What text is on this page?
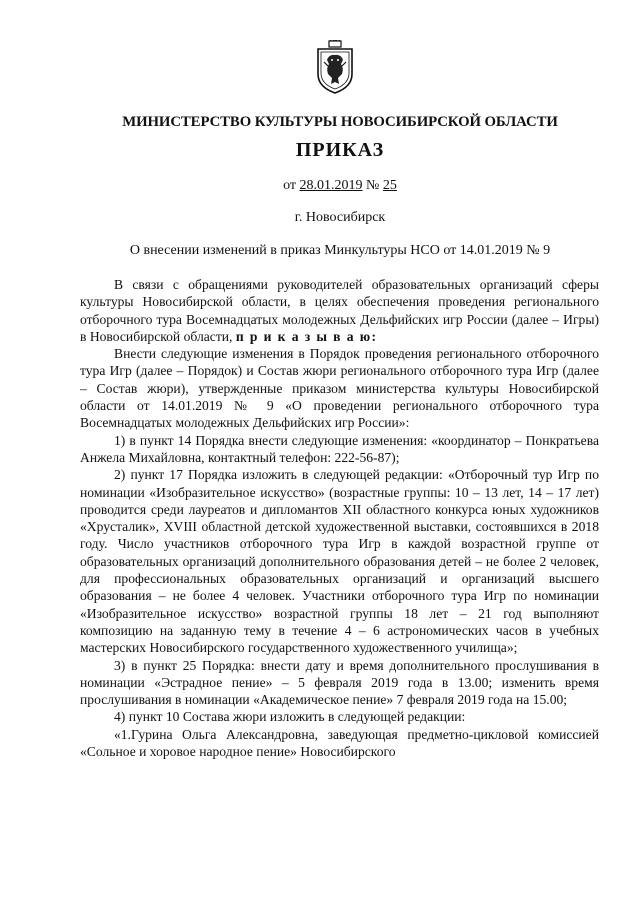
МИНИСТЕРСТВО КУЛЬТУРЫ НОВОСИБИРСКОЙ ОБЛАСТИ
ПРИКАЗ
от 28.01.2019 № 25
г. Новосибирск
О внесении изменений в приказ Минкультуры НСО от 14.01.2019 № 9

В связи с обращениями руководителей образовательных организаций сферы культуры Новосибирской области, в целях обеспечения проведения регионального отборочного тура Восемнадцатых молодежных Дельфийских игр России (далее – Игры) в Новосибирской области, п р и к а з ы в а ю:

Внести следующие изменения в Порядок проведения регионального отборочного тура Игр (далее – Порядок) и Состав жюри регионального отборочного тура Игр (далее – Состав жюри), утвержденные приказом министерства культуры Новосибирской области от 14.01.2019 № 9 «О проведении регионального отборочного тура Восемнадцатых молодежных Дельфийских игр России»:

1) в пункт 14 Порядка внести следующие изменения: «координатор – Понкратьева Анжела Михайловна, контактный телефон: 222-56-87);

2) пункт 17 Порядка изложить в следующей редакции: «Отборочный тур Игр по номинации «Изобразительное искусство» (возрастные группы: 10 – 13 лет, 14 – 17 лет) проводится среди лауреатов и дипломантов XII областного конкурса юных художников «Хрусталик», XVIII областной детской художественной выставки, состоявшихся в 2018 году. Число участников отборочного тура Игр в каждой возрастной группе от образовательных организаций дополнительного образования детей – не более 2 человек, для профессиональных образовательных организаций и организаций высшего образования – не более 4 человек. Участники отборочного тура Игр по номинации «Изобразительное искусство» возрастной группы 18 лет – 21 год выполняют композицию на заданную тему в течение 4 – 6 астрономических часов в учебных мастерских Новосибирского государственного художественного училища»;

3) в пункт 25 Порядка: внести дату и время дополнительного прослушивания в номинации «Эстрадное пение» – 5 февраля 2019 года в 13.00; изменить время прослушивания в номинации «Академическое пение» 7 февраля 2019 года на 15.00;

4) пункт 10 Состава жюри изложить в следующей редакции:

«1.Гурина Ольга Александровна, заведующая предметно-цикловой комиссией «Сольное и хоровое народное пение» Новосибирского
